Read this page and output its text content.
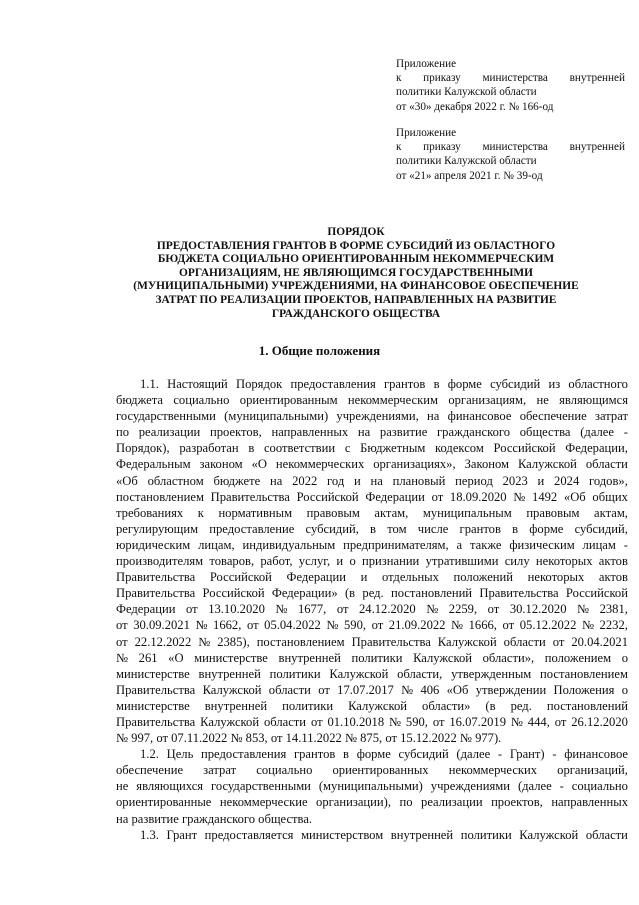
Приложение
к приказу министерства внутренней
политики Калужской области
от «30» декабря 2022 г. № 166-од
Приложение
к приказу министерства внутренней
политики Калужской области
от «21» апреля 2021 г. № 39-од
ПОРЯДОК
ПРЕДОСТАВЛЕНИЯ ГРАНТОВ В ФОРМЕ СУБСИДИЙ ИЗ ОБЛАСТНОГО
БЮДЖЕТА СОЦИАЛЬНО ОРИЕНТИРОВАННЫМ НЕКОММЕРЧЕСКИМ
ОРГАНИЗАЦИЯМ, НЕ ЯВЛЯЮЩИМСЯ ГОСУДАРСТВЕННЫМИ
(МУНИЦИПАЛЬНЫМИ) УЧРЕЖДЕНИЯМИ, НА ФИНАНСОВОЕ ОБЕСПЕЧЕНИЕ
ЗАТРАТ ПО РЕАЛИЗАЦИИ ПРОЕКТОВ, НАПРАВЛЕННЫХ НА РАЗВИТИЕ
ГРАЖДАНСКОГО ОБЩЕСТВА
1. Общие положения
1.1. Настоящий Порядок предоставления грантов в форме субсидий из областного
бюджета социально ориентированным некоммерческим организациям, не являющимся
государственными (муниципальными) учреждениями, на финансовое обеспечение затрат
по реализации проектов, направленных на развитие гражданского общества (далее -
Порядок), разработан в соответствии с Бюджетным кодексом Российской Федерации,
Федеральным законом «О некоммерческих организациях», Законом Калужской области
«Об областном бюджете на 2022 год и на плановый период 2023 и 2024 годов»,
постановлением Правительства Российской Федерации от 18.09.2020 № 1492 «Об общих
требованиях к нормативным правовым актам, муниципальным правовым актам,
регулирующим предоставление субсидий, в том числе грантов в форме субсидий,
юридическим лицам, индивидуальным предпринимателям, а также физическим лицам -
производителям товаров, работ, услуг, и о признании утратившими силу некоторых актов
Правительства Российской Федерации и отдельных положений некоторых актов
Правительства Российской Федерации» (в ред. постановлений Правительства Российской
Федерации от 13.10.2020 № 1677, от 24.12.2020 № 2259, от 30.12.2020 № 2381,
от 30.09.2021 № 1662, от 05.04.2022 № 590, от 21.09.2022 № 1666, от 05.12.2022 № 2232,
от 22.12.2022 № 2385), постановлением Правительства Калужской области от 20.04.2021
№ 261 «О министерстве внутренней политики Калужской области», положением о
министерстве внутренней политики Калужской области, утвержденным постановлением
Правительства Калужской области от 17.07.2017 № 406 «Об утверждении Положения о
министерстве внутренней политики Калужской области» (в ред. постановлений
Правительства Калужской области от 01.10.2018 № 590, от 16.07.2019 № 444, от 26.12.2020
№ 997, от 07.11.2022 № 853, от 14.11.2022 № 875, от 15.12.2022 № 977).
1.2. Цель предоставления грантов в форме субсидий (далее - Грант) - финансовое
обеспечение затрат социально ориентированных некоммерческих организаций,
не являющихся государственными (муниципальными) учреждениями (далее - социально
ориентированные некоммерческие организации), по реализации проектов, направленных
на развитие гражданского общества.
1.3. Грант предоставляется министерством внутренней политики Калужской области
